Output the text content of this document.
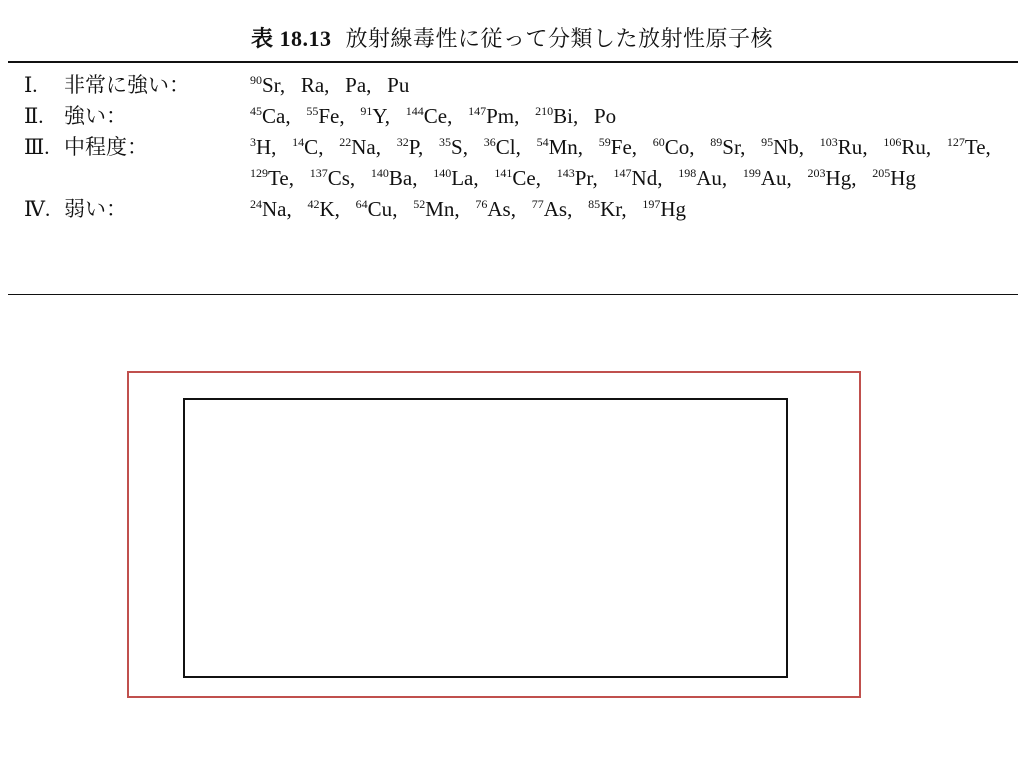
表 18.13 放射線毒性に従って分類した放射性原子核
Ⅰ. 非常に強い：	$^{90}$Sr,  Ra,  Pa,  Pu
Ⅱ. 強い：	$^{45}$Ca,  $^{55}$Fe,  $^{91}$Y,  $^{144}$Ce,  $^{147}$Pm,  $^{210}$Bi,  Po
Ⅲ. 中程度：	$^3$H,  $^{14}$C,  $^{22}$Na,  $^{32}$P,  $^{35}$S,  $^{36}$Cl,  $^{54}$Mn,  $^{59}$Fe,  $^{60}$Co,  $^{89}$Sr,  $^{95}$Nb,  $^{103}$Ru,  $^{106}$Ru,  $^{127}$Te,  $^{129}$Te,  $^{137}$Cs,  $^{140}$Ba,  $^{140}$La,  $^{141}$Ce,  $^{143}$Pr,  $^{147}$Nd,  $^{198}$Au,  $^{199}$Au,  $^{203}$Hg,  $^{205}$Hg
Ⅳ. 弱い：	$^{24}$Na,  $^{42}$K,  $^{64}$Cu,  $^{52}$Mn,  $^{76}$As,  $^{77}$As,  $^{85}$Kr,  $^{197}$Hg
